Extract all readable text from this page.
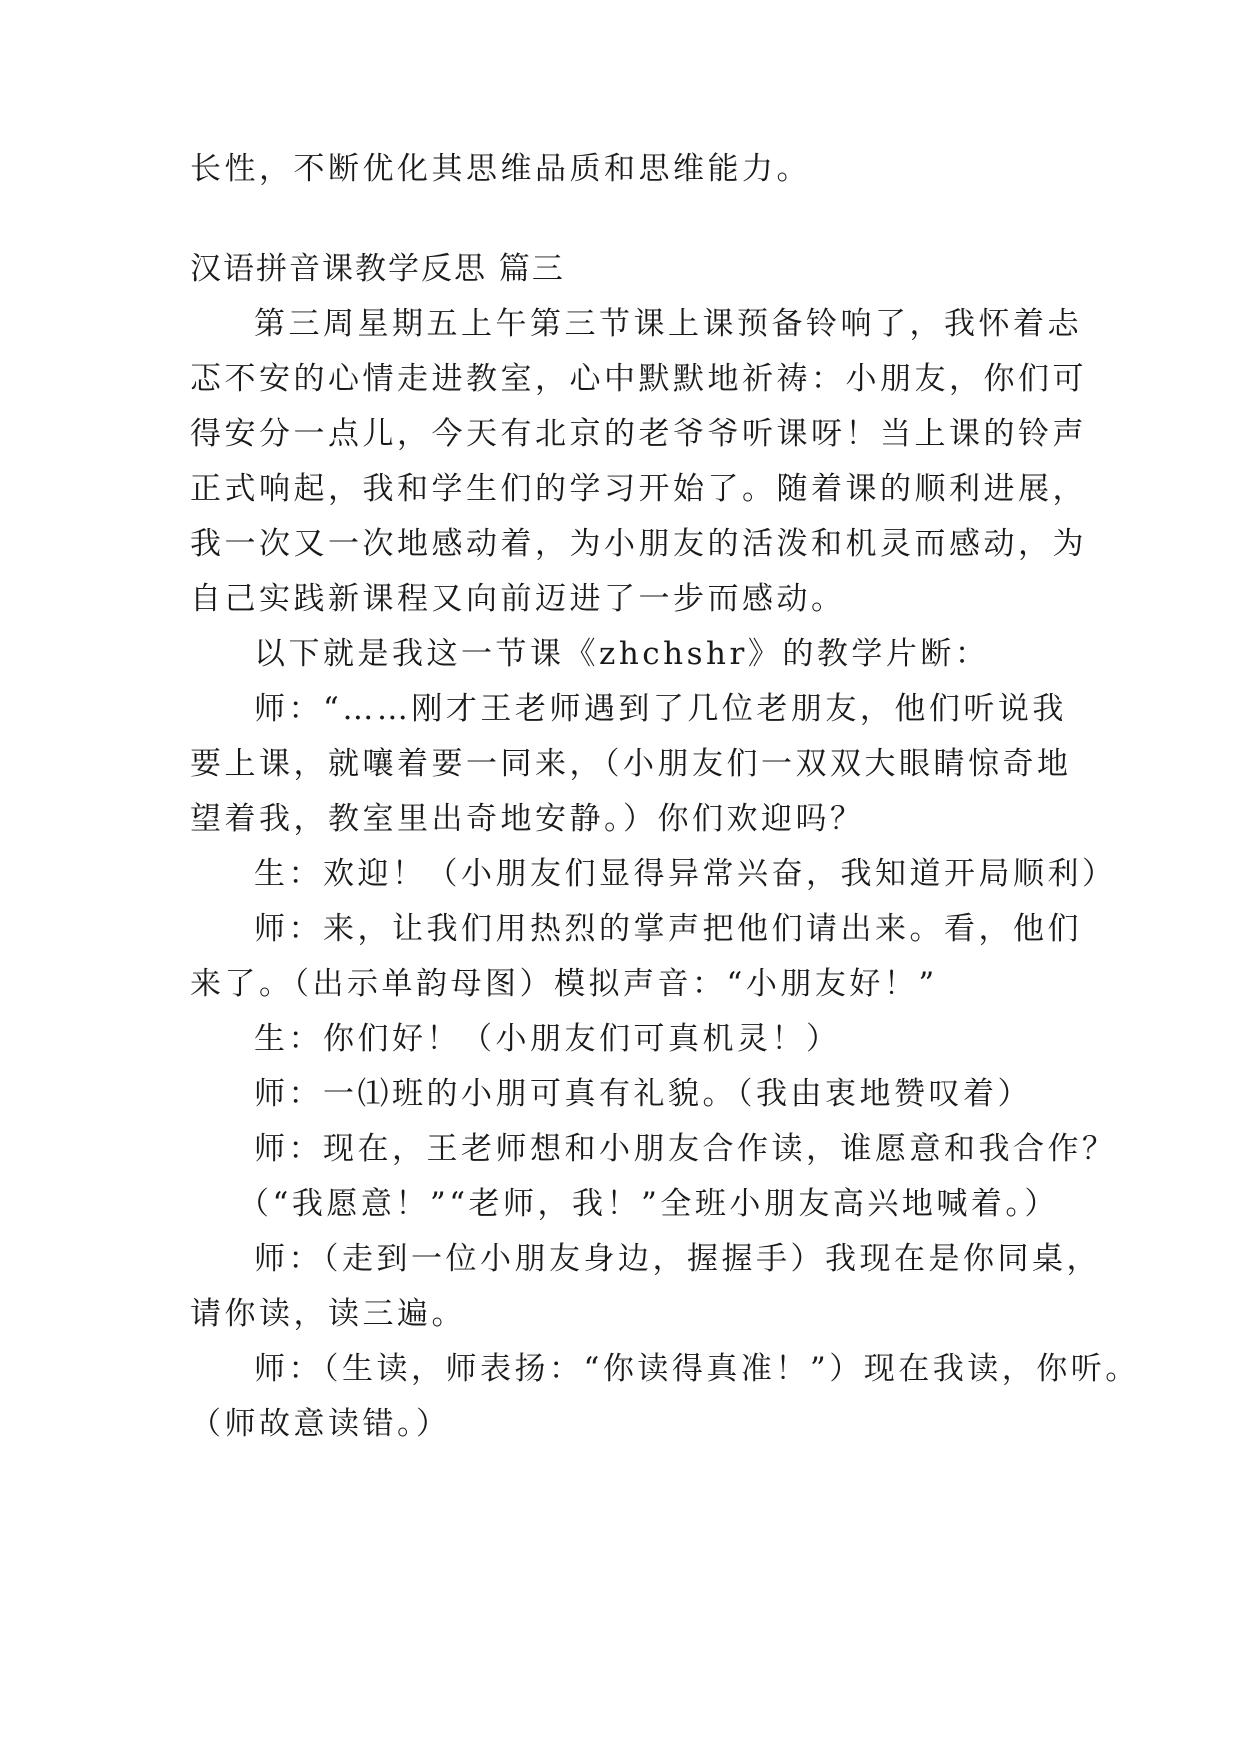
长性，不断优化其思维品质和思维能力。
汉语拼音课教学反思 篇三
第三周星期五上午第三节课上课预备铃响了，我怀着忐
忑不安的心情走进教室，心中默默地祈祷：小朋友，你们可
得安分一点儿，今天有北京的老爷爷听课呀！当上课的铃声
正式响起，我和学生们的学习开始了。随着课的顺利进展，
我一次又一次地感动着，为小朋友的活泼和机灵而感动，为
自己实践新课程又向前迈进了一步而感动。
以下就是我这一节课《zhchshr》的教学片断：
师：“……刚才王老师遇到了几位老朋友，他们听说我
要上课，就嚷着要一同来，（小朋友们一双双大眼睛惊奇地
望着我，教室里出奇地安静。）你们欢迎吗？
生：欢迎！（小朋友们显得异常兴奋，我知道开局顺利）
师：来，让我们用热烈的掌声把他们请出来。看，他们
来了。（出示单韵母图）模拟声音：“小朋友好！”
生：你们好！（小朋友们可真机灵！）
师：一⑴班的小朋可真有礼貌。（我由衷地赞叹着）
师：现在，王老师想和小朋友合作读，谁愿意和我合作？
（“我愿意！”“老师，我！”全班小朋友高兴地喊着。）
师：（走到一位小朋友身边，握握手）我现在是你同桌，
请你读，读三遍。
师：（生读，师表扬：“你读得真准！”）现在我读，你听。
（师故意读错。）
